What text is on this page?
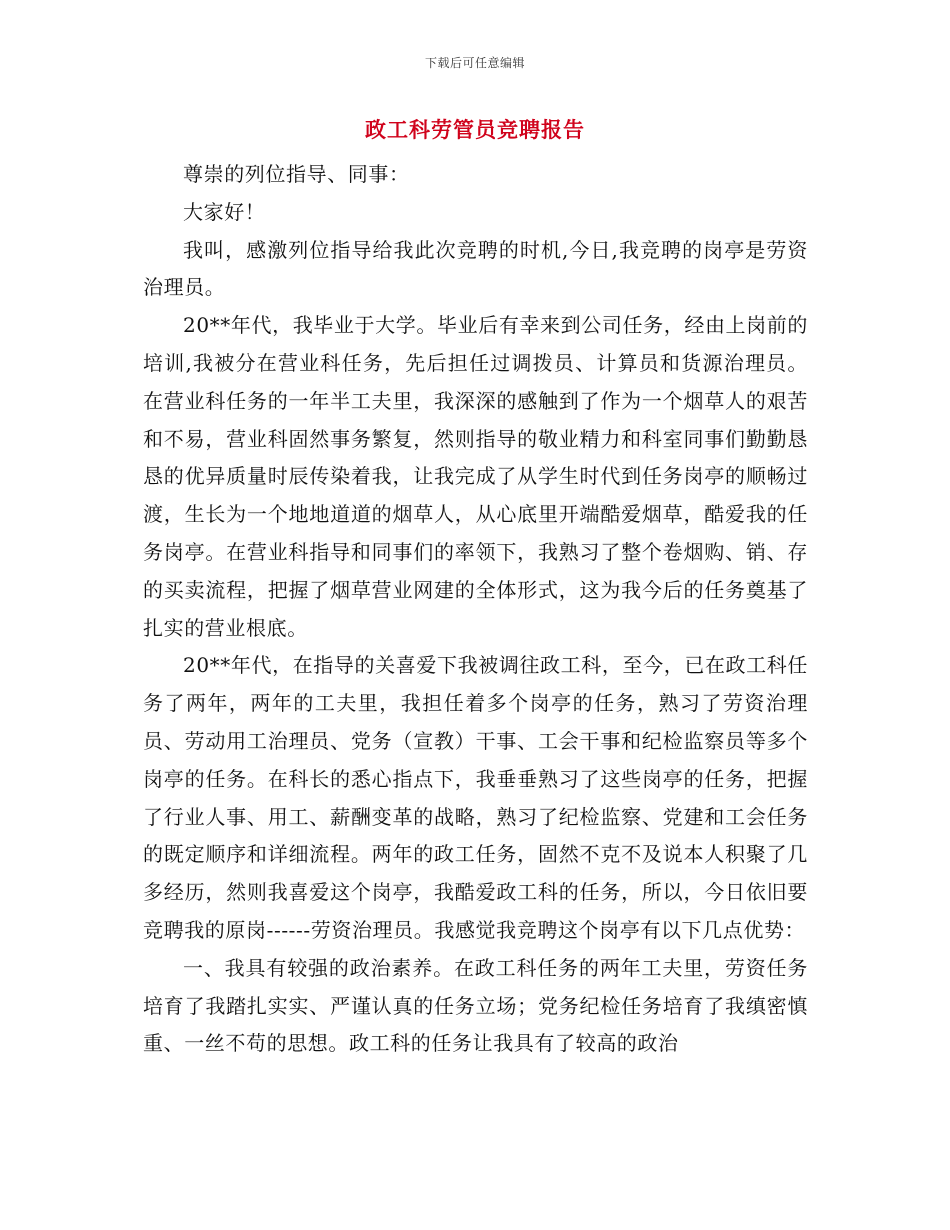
下载后可任意编辑
政工科劳管员竞聘报告

尊崇的列位指导、同事：

大家好！

我叫，感激列位指导给我此次竞聘的时机,今日,我竞聘的岗亭是劳资治理员。

20**年代，我毕业于大学。毕业后有幸来到公司任务，经由上岗前的培训,我被分在营业科任务，先后担任过调拨员、计算员和货源治理员。在营业科任务的一年半工夫里，我深深的感触到了作为一个烟草人的艰苦和不易，营业科固然事务繁复，然则指导的敬业精力和科室同事们勤勤恳恳的优异质量时辰传染着我，让我完成了从学生时代到任务岗亭的顺畅过渡，生长为一个地地道道的烟草人，从心底里开端酷爱烟草，酷爱我的任务岗亭。在营业科指导和同事们的率领下，我熟习了整个卷烟购、销、存的买卖流程，把握了烟草营业网建的全体形式，这为我今后的任务奠基了扎实的营业根底。

20**年代，在指导的关喜爱下我被调往政工科，至今，已在政工科任务了两年，两年的工夫里，我担任着多个岗亭的任务，熟习了劳资治理员、劳动用工治理员、党务（宣教）干事、工会干事和纪检监察员等多个岗亭的任务。在科长的悉心指点下，我垂垂熟习了这些岗亭的任务，把握了行业人事、用工、薪酬变革的战略，熟习了纪检监察、党建和工会任务的既定顺序和详细流程。两年的政工任务，固然不克不及说本人积聚了几多经历，然则我喜爱这个岗亭，我酷爱政工科的任务，所以，今日依旧要竞聘我的原岗------劳资治理员。我感觉我竞聘这个岗亭有以下几点优势：

一、我具有较强的政治素养。在政工科任务的两年工夫里，劳资任务培育了我踏扎实实、严谨认真的任务立场；党务纪检任务培育了我缜密慎重、一丝不苟的思想。政工科的任务让我具有了较高的政治
